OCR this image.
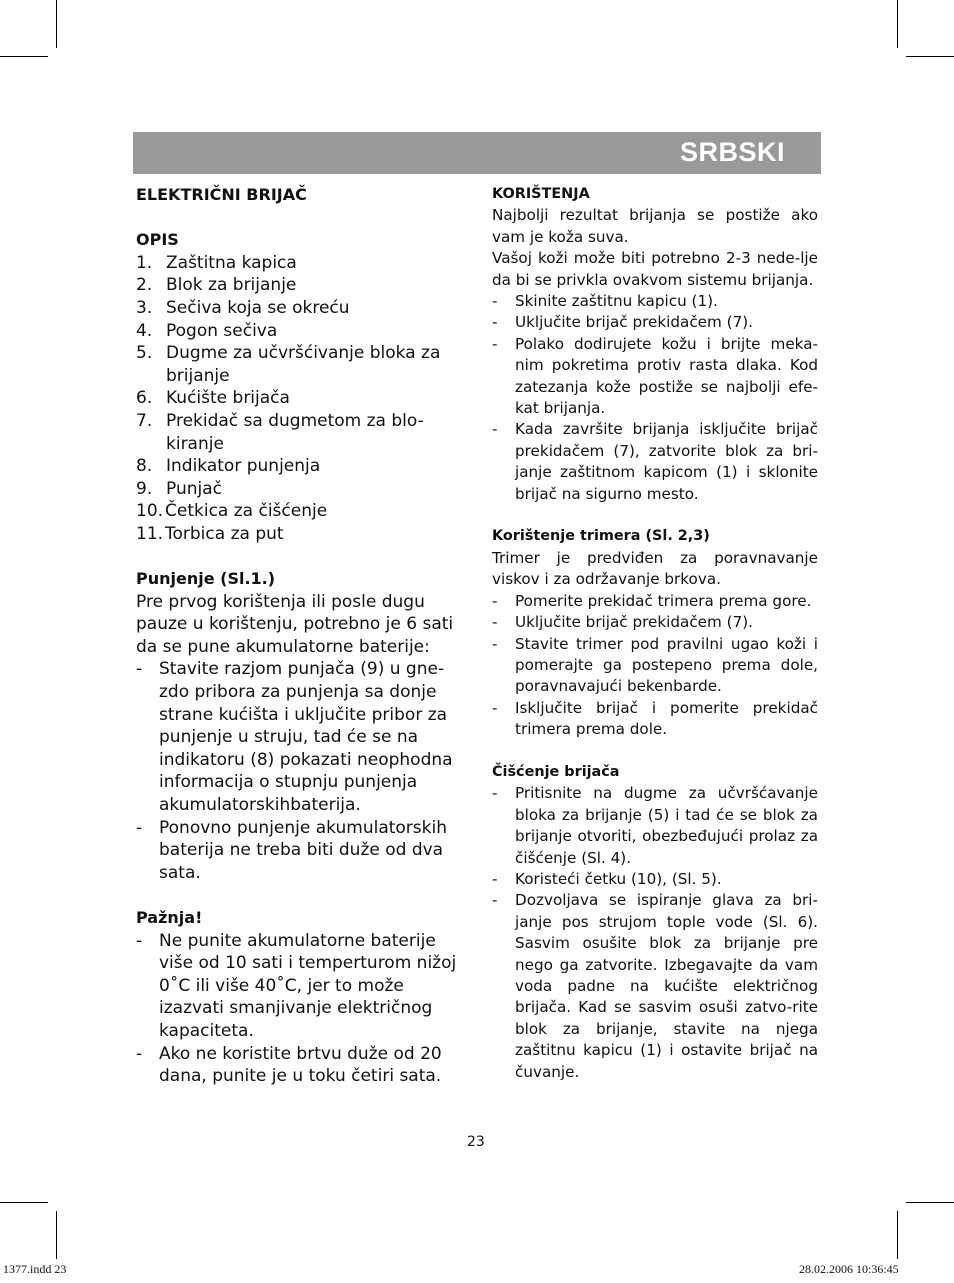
SRBSKI
ELEKTRIČNI BRIJAČ
OPIS
1. Zaštitna kapica
2. Blok za brijanje
3. Sečiva koja se okreću
4. Pogon sečiva
5. Dugme za učvršćivanje bloka za brijanje
6. Kućište brijača
7. Prekidač sa dugmetom za blo-kiranje
8. Indikator punjenja
9. Punjač
10. Četkica za čišćenje
11. Torbica za put
Punjenje (Sl.1.)

Pre prvog korištenja ili posle dugu pauze u korištenju, potrebno je 6 sati da se pune akumulatorne baterije:

- Stavite razjom punjača (9) u gne-zdo pribora za punjenja sa donje strane kućišta i uključite pribor za punjenje u struju, tad će se na indikatoru (8) pokazati neophodna informacija o stupnju punjenja akumulatorskihbaterija.
- Ponovno punjenje akumulatorskih baterija ne treba biti duže od dva sata.
Pažnja!
- Ne punite akumulatorne baterije više od 10 sati i temperturom nižoj 0˚C ili više 40˚C, jer to može izazvati smanjivanje električnog kapaciteta.
- Ako ne koristite brtvu duže od 20 dana, punite je u toku četiri sata.
KORIŠTENJA

Najbolji rezultat brijanja se postiže ako vam je koža suva.

Vašoj koži može biti potrebno 2-3 nede-lje da bi se privkla ovakvom sistemu brijanja.

-	Skinite zaštitnu kapicu (1).
-	Uključite brijač prekidačem (7).
-	Polako dodirujete kožu i brijte meka-nim pokretima protiv rasta dlaka. Kod zatezanja kože postiže se najbolji efe-kat brijanja.
-	Kada završite brijanja isključite brijač prekidačem (7), zatvorite blok za bri-janje zaštitnom kapicom (1) i sklonite brijač na sigurno mesto.
Korištenje trimera (Sl. 2,3)

Trimer je predviđen za poravnavanje viskov i za održavanje brkova.

-	Pomerite prekidač trimera prema gore.
-	Uključite brijač prekidačem (7).
-	Stavite trimer pod pravilni ugao koži i pomerajte ga postepeno prema dole, poravnavajući bekenbarde.
-	Isključite brijač i pomerite prekidač trimera prema dole.
Čišćenje brijača
-	Pritisnite na dugme za učvršćavanje bloka za brijanje (5) i tad će se blok za brijanje otvoriti, obezbeđujući prolaz za čišćenje (Sl. 4).
-	Koristeći četku (10), (Sl. 5).
-	Dozvoljava se ispiranje glava za bri-janje pos strujom tople vode (Sl. 6). Sasvim osušite blok za brijanje pre nego ga zatvorite. Izbegavajte da vam voda padne na kućište električnog brijača. Kad se sasvim osuši zatvo-rite blok za brijanje, stavite na njega zaštitnu kapicu (1) i ostavite brijač na čuvanje.
23
1377.indd 23	28.02.2006 10:36:45
